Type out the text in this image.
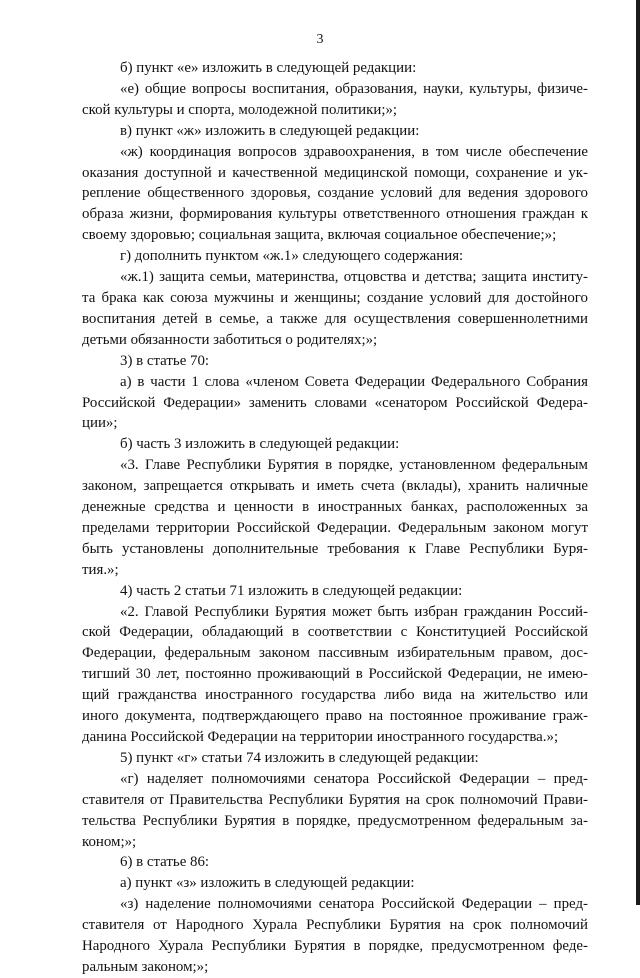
3
б) пункт «е» изложить в следующей редакции:
«е) общие вопросы воспитания, образования, науки, культуры, физиче-
ской культуры и спорта, молодежной политики;»;
в) пункт «ж» изложить в следующей редакции:
«ж) координация вопросов здравоохранения, в том числе обеспечение
оказания доступной и качественной медицинской помощи, сохранение и ук-
репление общественного здоровья, создание условий для ведения здорового
образа жизни, формирования культуры ответственного отношения граждан к
своему здоровью; социальная защита, включая социальное обеспечение;»;
г) дополнить пунктом «ж.1» следующего содержания:
«ж.1) защита семьи, материнства, отцовства и детства; защита институ-
та брака как союза мужчины и женщины; создание условий для достойного
воспитания детей в семье, а также для осуществления совершеннолетними
детьми обязанности заботиться о родителях;»;
3) в статье 70:
а) в части 1 слова «членом Совета Федерации Федерального Собрания
Российской Федерации» заменить словами «сенатором Российской Федера-
ции»;
б) часть 3 изложить в следующей редакции:
«3. Главе Республики Бурятия в порядке, установленном федеральным
законом, запрещается открывать и иметь счета (вклады), хранить наличные
денежные средства и ценности в иностранных банках, расположенных за
пределами территории Российской Федерации. Федеральным законом могут
быть установлены дополнительные требования к Главе Республики Буря-
тия.»;
4) часть 2 статьи 71 изложить в следующей редакции:
«2. Главой Республики Бурятия может быть избран гражданин Россий-
ской Федерации, обладающий в соответствии с Конституцией Российской
Федерации, федеральным законом пассивным избирательным правом, дос-
тигший 30 лет, постоянно проживающий в Российской Федерации, не имею-
щий гражданства иностранного государства либо вида на жительство или
иного документа, подтверждающего право на постоянное проживание граж-
данина Российской Федерации на территории иностранного государства.»;
5) пункт «г» статьи 74 изложить в следующей редакции:
«г) наделяет полномочиями сенатора Российской Федерации – пред-
ставителя от Правительства Республики Бурятия на срок полномочий Прави-
тельства Республики Бурятия в порядке, предусмотренном федеральным за-
коном;»;
6) в статье 86:
а) пункт «з» изложить в следующей редакции:
«з) наделение полномочиями сенатора Российской Федерации – пред-
ставителя от Народного Хурала Республики Бурятия на срок полномочий
Народного Хурала Республики Бурятия в порядке, предусмотренном феде-
ральным законом;»;
